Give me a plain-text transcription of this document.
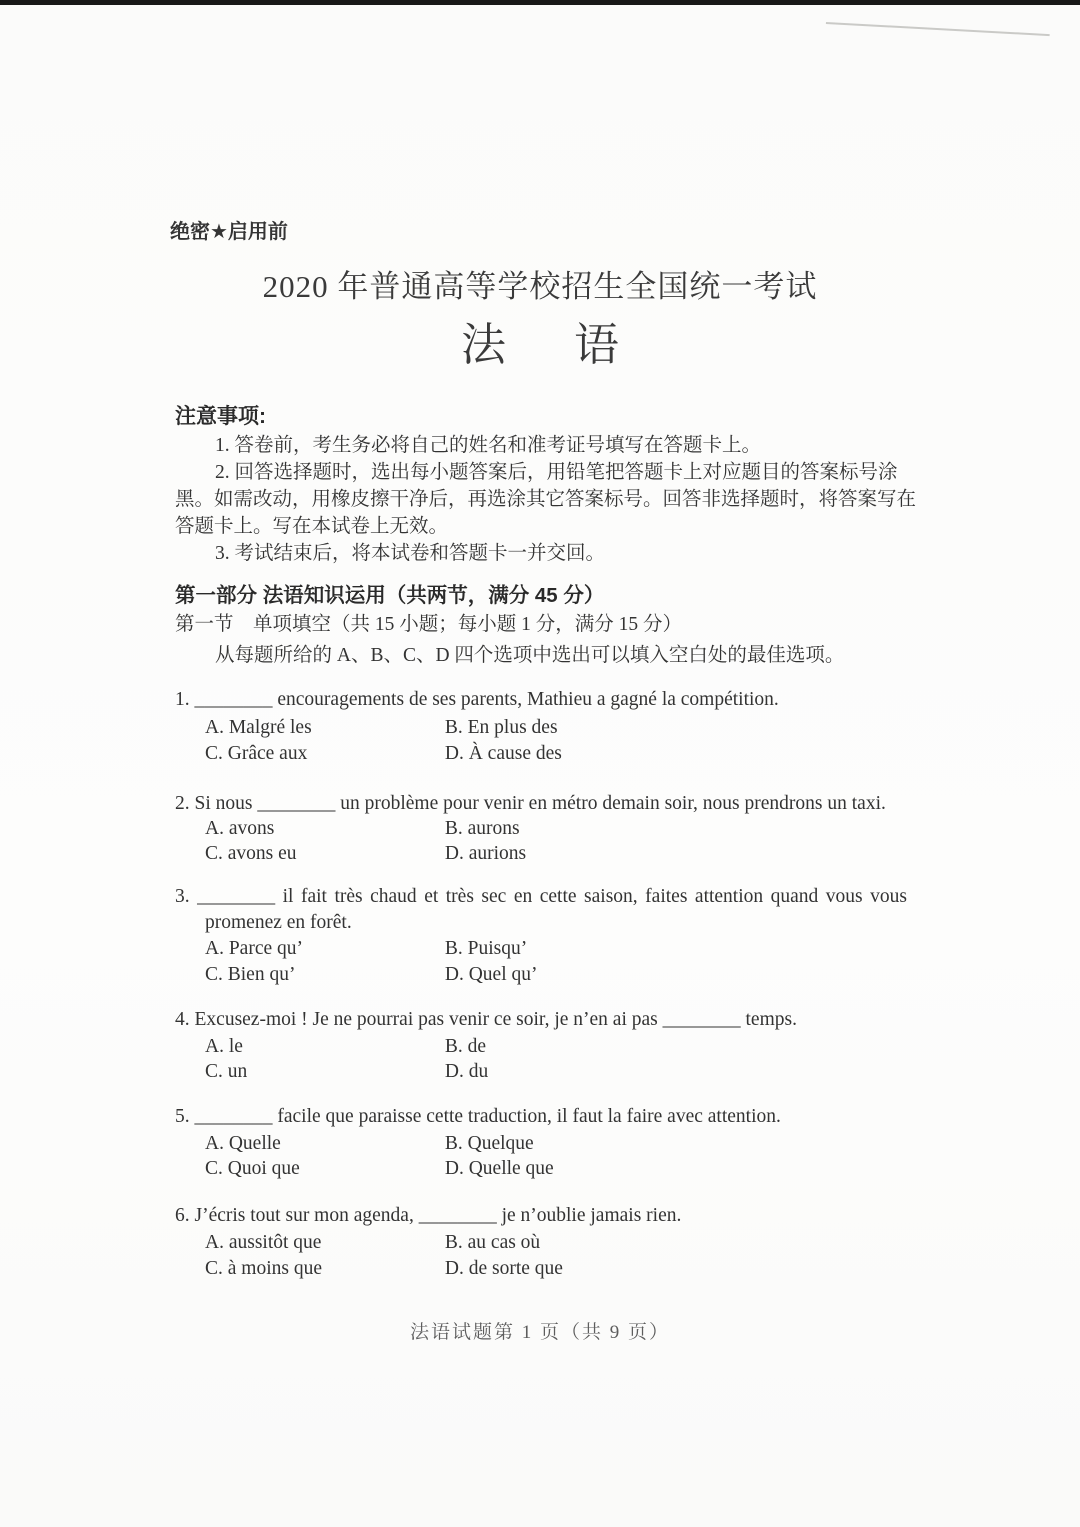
绝密★启用前
2020 年普通高等学校招生全国统一考试
法 语
注意事项:
1. 答卷前，考生务必将自己的姓名和准考证号填写在答题卡上。
2. 回答选择题时，选出每小题答案后，用铅笔把答题卡上对应题目的答案标号涂
黑。如需改动，用橡皮擦干净后，再选涂其它答案标号。回答非选择题时，将答案写在
答题卡上。写在本试卷上无效。
3. 考试结束后，将本试卷和答题卡一并交回。
第一部分 法语知识运用（共两节，满分 45 分）
第一节　单项填空（共 15 小题；每小题 1 分，满分 15 分）
从每题所给的 A、B、C、D 四个选项中选出可以填入空白处的最佳选项。
1. ________ encouragements de ses parents, Mathieu a gagné la compétition.
A. Malgré les	B. En plus des
C. Grâce aux	D. À cause des
2. Si nous ________ un problème pour venir en métro demain soir, nous prendrons un taxi.
A. avons	B. aurons
C. avons eu	D. aurions
3. ________ il fait très chaud et très sec en cette saison, faites attention quand vous vous
promenez en forêt.
A. Parce qu’	B. Puisqu’
C. Bien qu’	D. Quel qu’
4. Excusez-moi ! Je ne pourrai pas venir ce soir, je n’en ai pas ________ temps.
A. le	B. de
C. un	D. du
5. ________ facile que paraisse cette traduction, il faut la faire avec attention.
A. Quelle	B. Quelque
C. Quoi que	D. Quelle que
6. J’écris tout sur mon agenda, ________ je n’oublie jamais rien.
A. aussitôt que	B. au cas où
C. à moins que	D. de sorte que
法语试题第 1 页（共 9 页）
